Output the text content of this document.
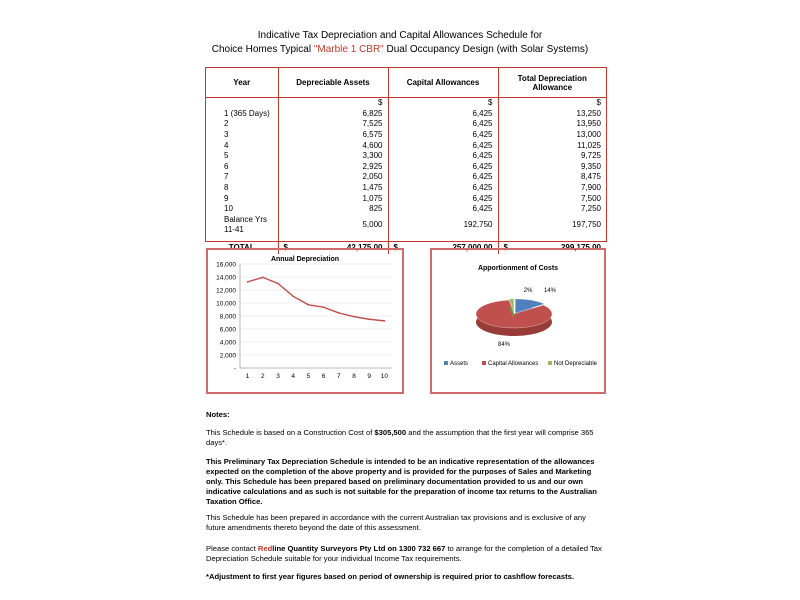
Indicative Tax Depreciation and Capital Allowances Schedule for
Choice Homes Typical "Marble 1 CBR" Dual Occupancy Design (with Solar Systems)
Year	Depreciable Assets	Capital Allowances	Total Depreciation Allowance
	$	$	$
1 (365 Days)	6,825	6,425	13,250
2	7,525	6,425	13,950
3	6,575	6,425	13,000
4	4,600	6,425	11,025
5	3,300	6,425	9,725
6	2,925	6,425	9,350
7	2,050	6,425	8,475
8	1,475	6,425	7,900
9	1,075	6,425	7,500
10	825	6,425	7,250
Balance Yrs 11-41	5,000	192,750	197,750

TOTAL	$ 42,175.00	$ 257,000.00	$ 299,175.00
Annual Depreciation
16,000
14,000
12,000
10,000
8,000
6,000
4,000
2,000
-
1 2 3 4 5 6 7 8 9 10
Apportionment of Costs
14%
84%
2%
Assets	Capital Allowances	Not Depreciable
Notes:
This Schedule is based on a Construction Cost of $305,500 and the assumption that the first year will comprise 365 days*.
This Preliminary Tax Depreciation Schedule is intended to be an indicative representation of the allowances expected on the completion of the above property and is provided for the purposes of Sales and Marketing only. This Schedule has been prepared based on preliminary documentation provided to us and our own indicative calculations and as such is not suitable for the preparation of income tax returns to the Australian Taxation Office.
This Schedule has been prepared in accordance with the current Australian tax provisions and is exclusive of any future amendments thereto beyond the date of this assessment.
Please contact Redline Quantity Surveyors Pty Ltd on 1300 732 667 to arrange for the completion of a detailed Tax Depreciation Schedule suitable for your individual Income Tax requirements.
*Adjustment to first year figures based on period of ownership is required prior to cashflow forecasts.
